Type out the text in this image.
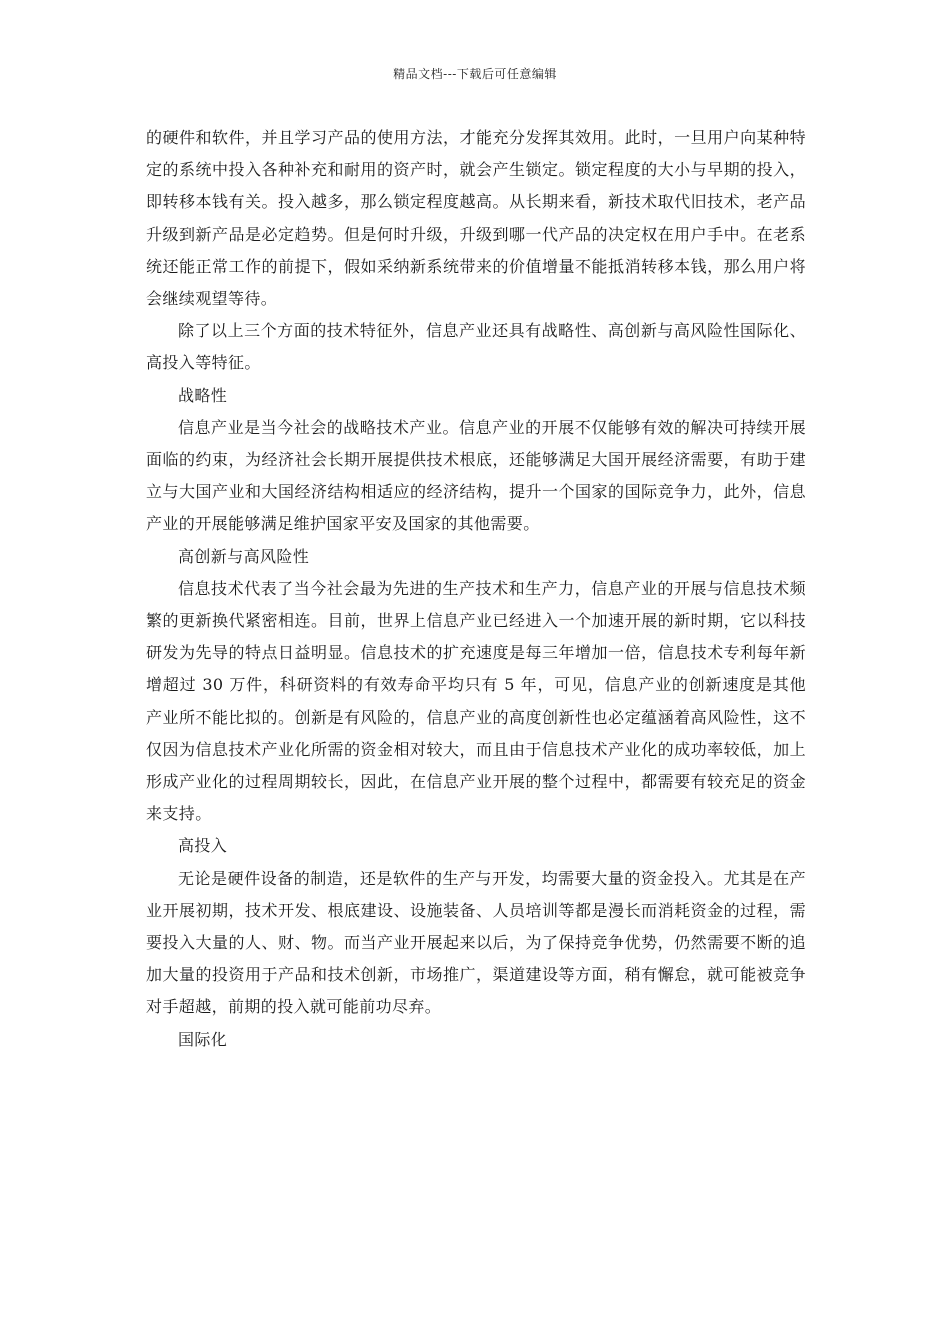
精品文档---下载后可任意编辑

的硬件和软件，并且学习产品的使用方法，才能充分发挥其效用。此时，一旦用户向某种特定的系统中投入各种补充和耐用的资产时，就会产生锁定。锁定程度的大小与早期的投入，即转移本钱有关。投入越多，那么锁定程度越高。从长期来看，新技术取代旧技术，老产品升级到新产品是必定趋势。但是何时升级，升级到哪一代产品的决定权在用户手中。在老系统还能正常工作的前提下，假如采纳新系统带来的价值增量不能抵消转移本钱，那么用户将会继续观望等待。

除了以上三个方面的技术特征外，信息产业还具有战略性、高创新与高风险性国际化、高投入等特征。

战略性

信息产业是当今社会的战略技术产业。信息产业的开展不仅能够有效的解决可持续开展面临的约束，为经济社会长期开展提供技术根底，还能够满足大国开展经济需要，有助于建立与大国产业和大国经济结构相适应的经济结构，提升一个国家的国际竞争力，此外，信息产业的开展能够满足维护国家平安及国家的其他需要。

高创新与高风险性

信息技术代表了当今社会最为先进的生产技术和生产力，信息产业的开展与信息技术频繁的更新换代紧密相连。目前，世界上信息产业已经进入一个加速开展的新时期，它以科技研发为先导的特点日益明显。信息技术的扩充速度是每三年增加一倍，信息技术专利每年新增超过 30 万件，科研资料的有效寿命平均只有 5 年，可见，信息产业的创新速度是其他产业所不能比拟的。创新是有风险的，信息产业的高度创新性也必定蕴涵着高风险性，这不仅因为信息技术产业化所需的资金相对较大，而且由于信息技术产业化的成功率较低，加上形成产业化的过程周期较长，因此，在信息产业开展的整个过程中，都需要有较充足的资金来支持。

高投入

无论是硬件设备的制造，还是软件的生产与开发，均需要大量的资金投入。尤其是在产业开展初期，技术开发、根底建设、设施装备、人员培训等都是漫长而消耗资金的过程，需要投入大量的人、财、物。而当产业开展起来以后，为了保持竞争优势，仍然需要不断的追加大量的投资用于产品和技术创新，市场推广，渠道建设等方面，稍有懈怠，就可能被竞争对手超越，前期的投入就可能前功尽弃。

国际化
